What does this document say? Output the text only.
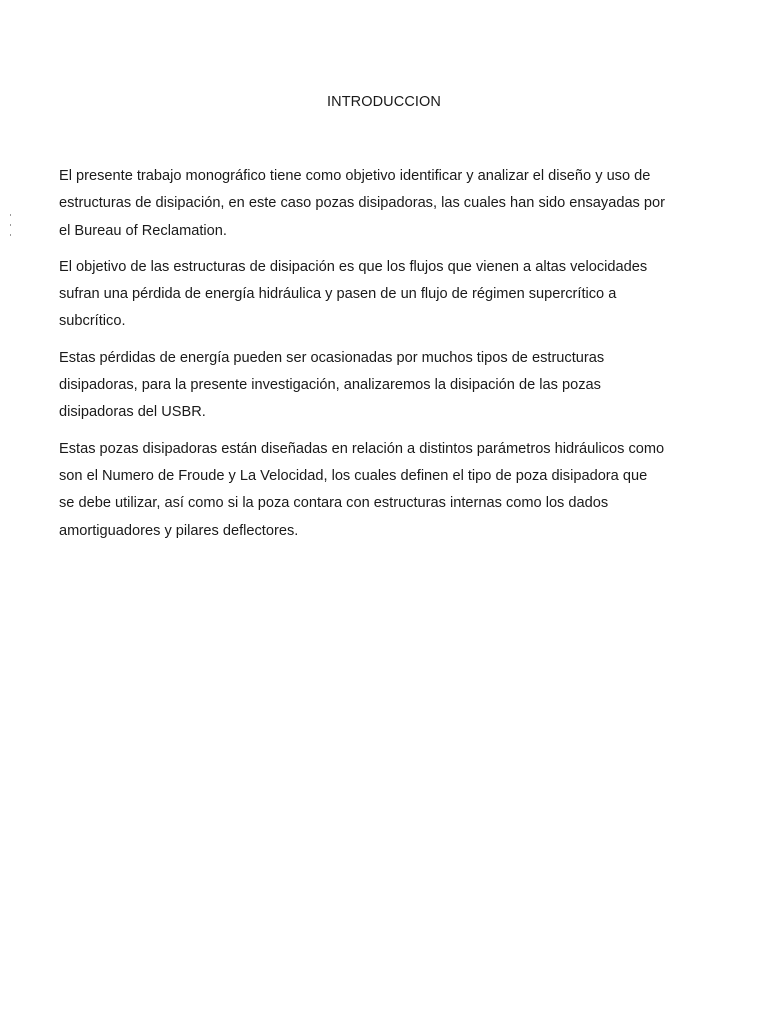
INTRODUCCION

El presente trabajo monográfico tiene como objetivo identificar y analizar el diseño y uso de
estructuras de disipación, en este caso pozas disipadoras, las cuales han sido ensayadas por
el Bureau of Reclamation.

El objetivo de las estructuras de disipación es que los flujos que vienen a altas velocidades
sufran una pérdida de energía hidráulica y pasen de un flujo de régimen supercrítico a
subcrítico.

Estas pérdidas de energía pueden ser ocasionadas por muchos tipos de estructuras
disipadoras, para la presente investigación, analizaremos la disipación de las pozas
disipadoras del USBR.

Estas pozas disipadoras están diseñadas en relación a distintos parámetros hidráulicos como
son el Numero de Froude y La Velocidad, los cuales definen el tipo de poza disipadora que
se debe utilizar, así como si la poza contara con estructuras internas como los dados
amortiguadores y pilares deflectores.
